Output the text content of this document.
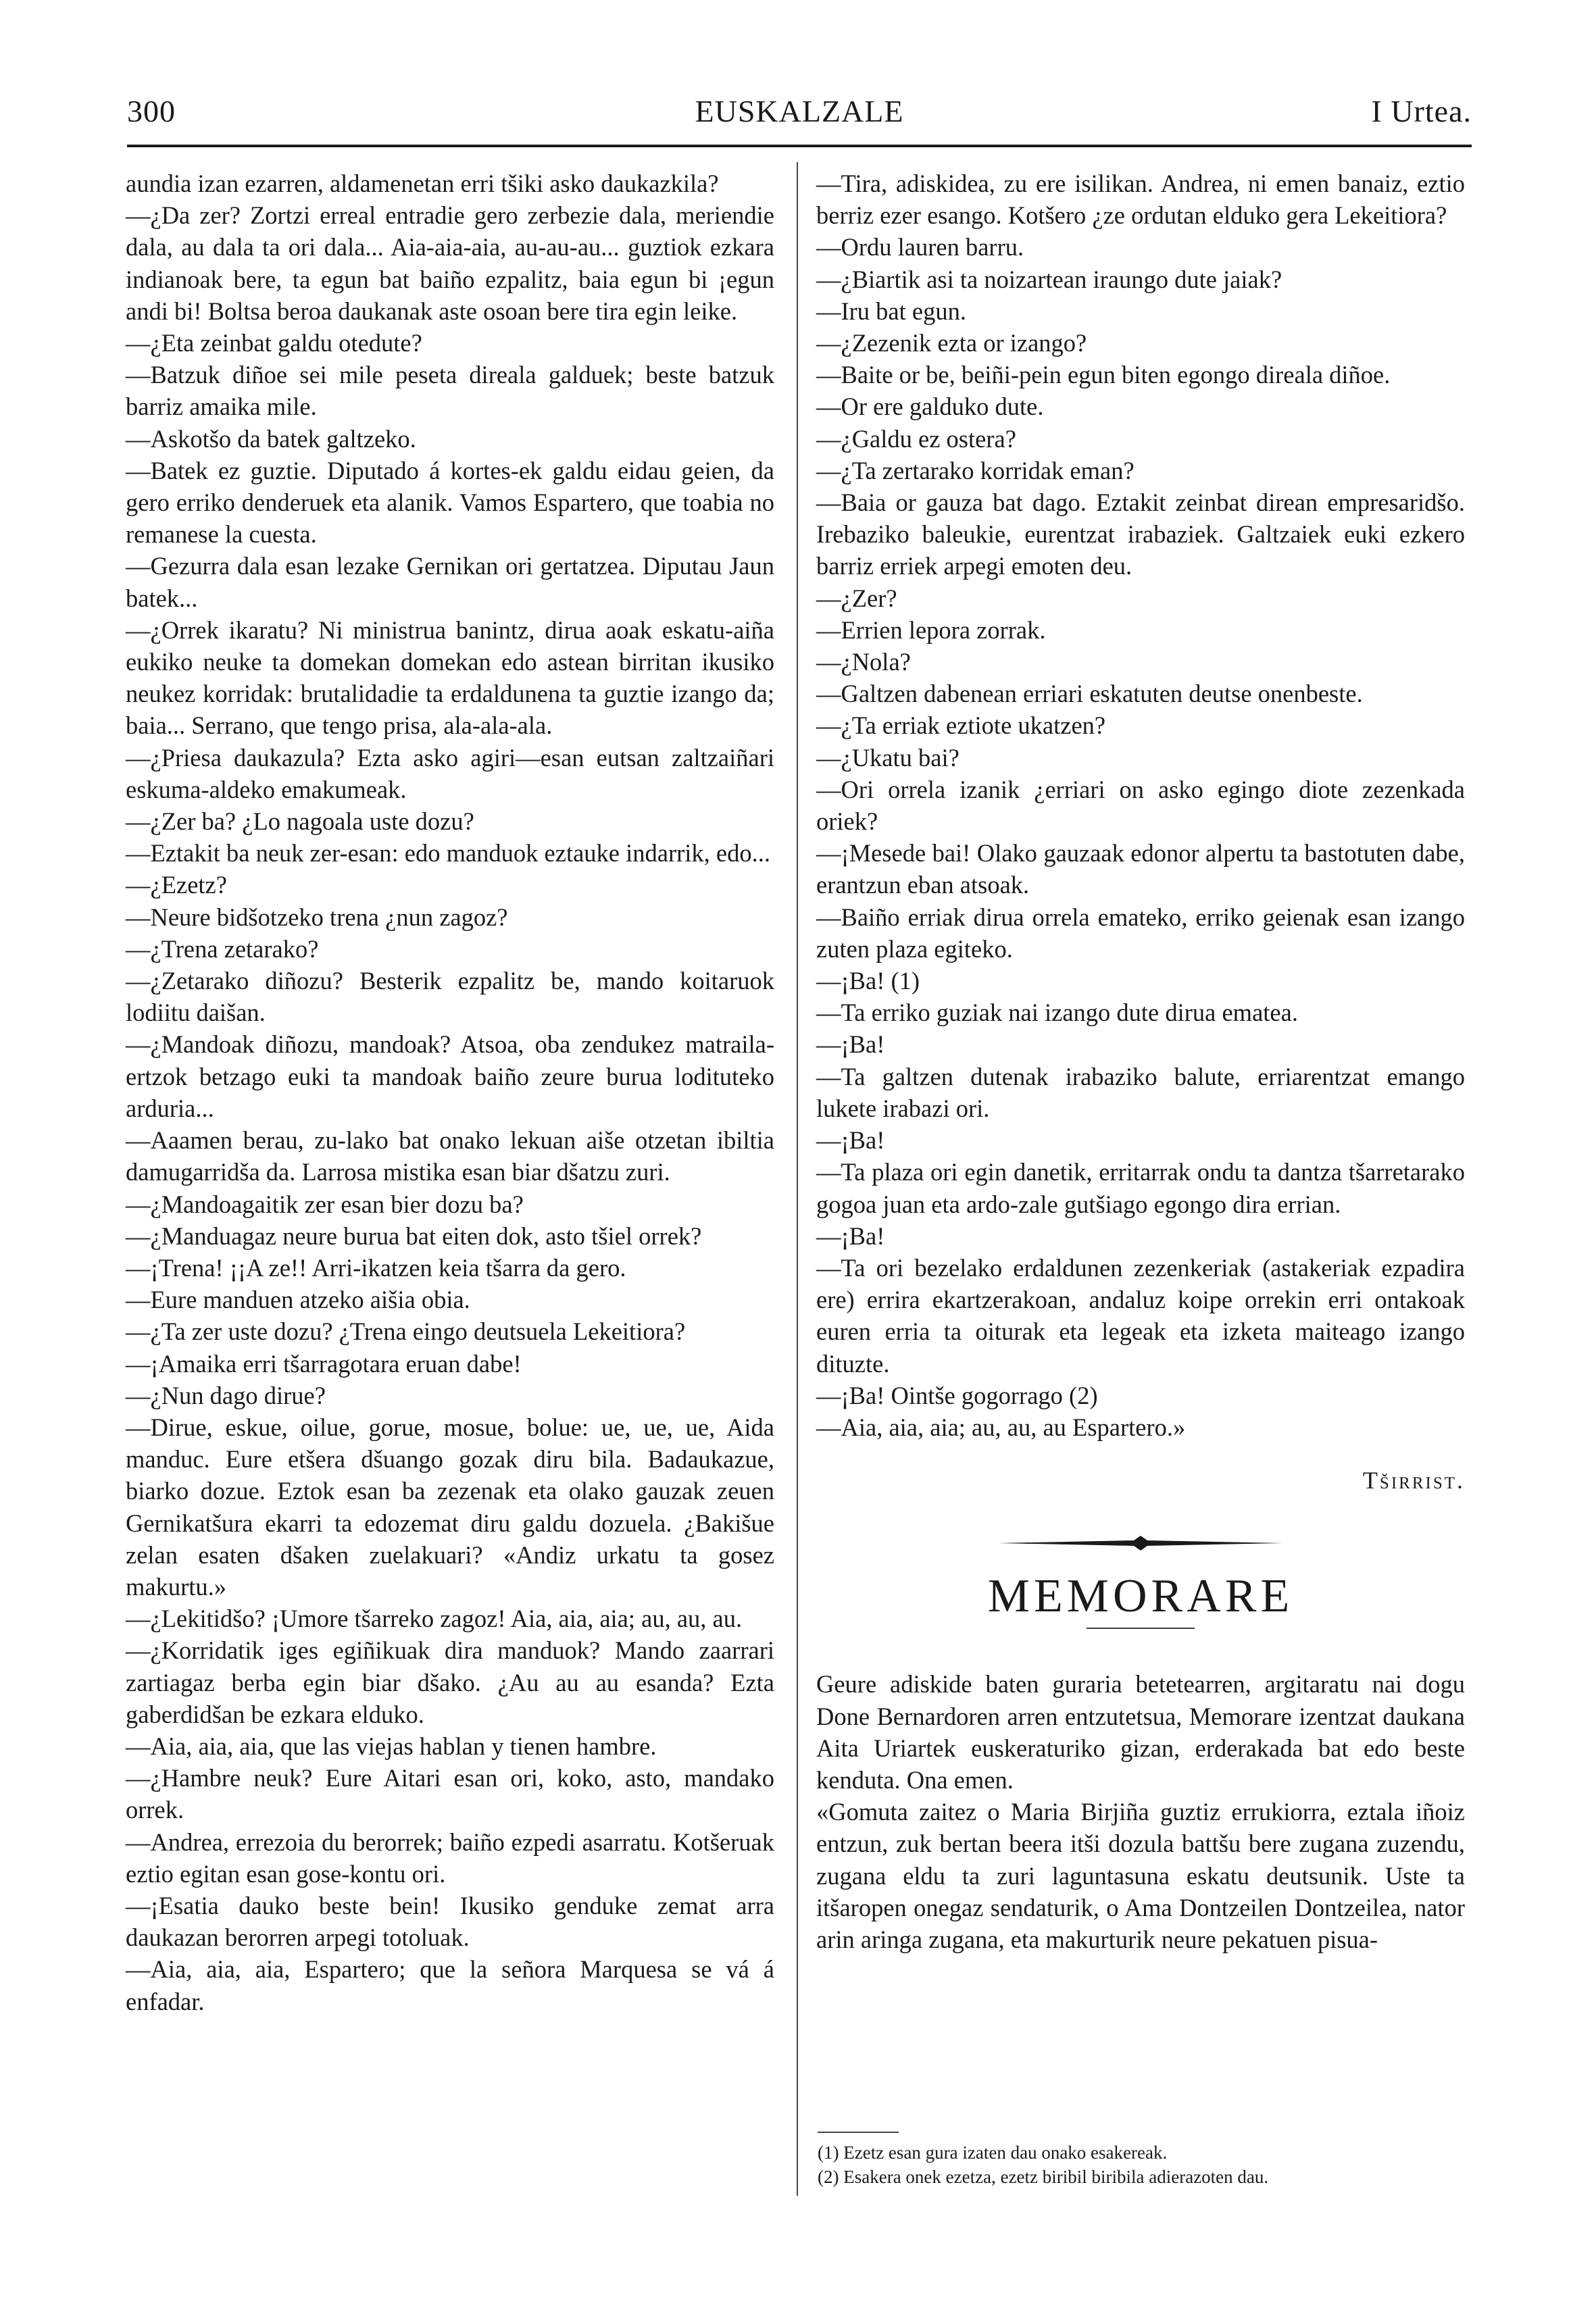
EUSKALZALE
300	I Urtea.

aundia izan ezarren, aldamenetan erri tšiki asko daukazkila?

—¿Da zer? Zortzi erreal entradie gero zerbezie dala, meriendie dala, au dala ta ori dala... Aia-aia-aia, au-au-au... guztiok ezkara indianoak bere, ta egun bat baiño ezpalitz, baia egun bi ¡egun andi bi! Boltsa beroa daukanak aste osoan bere tira egin leike.

—¿Eta zeinbat galdu otedute?

—Batzuk diñoe sei mile peseta direala galduek; beste batzuk barriz amaika mile.

—Askotšo da batek galtzeko.

—Batek ez guztie. Diputado á kortes-ek galdu eidau geien, da gero erriko denderuek eta alanik. Vamos Espartero, que toabia no remanese la cuesta.

—Gezurra dala esan lezake Gernikan ori gertatzea. Diputau Jaun batek...

—¿Orrek ikaratu? Ni ministrua banintz, dirua aoak eskatu-aiña eukiko neuke ta domekan domekan edo astean birritan ikusiko neukez korridak: brutalidadie ta erdaldunena ta guztie izango da; baia... Serrano, que tengo prisa, ala-ala-ala.

—¿Priesa daukazula? Ezta asko agiri—esan eutsan zaltzaiñari eskuma-aldeko emakumeak.

—¿Zer ba? ¿Lo nagoala uste dozu?

—Eztakit ba neuk zer-esan: edo manduok eztauke indarrik, edo...

—¿Ezetz?

—Neure bidšotzeko trena ¿nun zagoz?

—¿Trena zetarako?

—¿Zetarako diñozu? Besterik ezpalitz be, mando koitaruok lodiitu daišan.

—¿Mandoak diñozu, mandoak? Atsoa, oba zendukez matraila-ertzok betzago euki ta mandoak baiño zeure burua lodituteko arduria...

—Aaamen berau, zu-lako bat onako lekuan aiše otzetan ibiltia damugarridša da. Larrosa mistika esan biar dšatzu zuri.

—¿Mandoagaitik zer esan bier dozu ba?

—¿Manduagaz neure burua bat eiten dok, asto tšiel orrek?

—¡Trena! ¡¡A ze!! Arri-ikatzen keia tšarra da gero.

—Eure manduen atzeko aišia obia.

—¿Ta zer uste dozu? ¿Trena eingo deutsuela Lekeitiora?

—¡Amaika erri tšarragotara eruan dabe!

—¿Nun dago dirue?

—Dirue, eskue, oilue, gorue, mosue, bolue: ue, ue, ue, Aida manduc. Eure etšera dšuango gozak diru bila. Badaukazue, biarko dozue. Eztok esan ba zezenak eta olako gauzak zeuen Gernikatšura ekarri ta edozemat diru galdu dozuela. ¿Bakišue zelan esaten dšaken zuelakuari? «Andiz urkatu ta gosez makurtu.»

—¿Lekitidšo? ¡Umore tšarreko zagoz! Aia, aia, aia; au, au, au.

—¿Korridatik iges egiñikuak dira manduok? Mando zaarrari zartiagaz berba egin biar dšako. ¿Au au au esanda? Ezta gaberdidšan be ezkara elduko.

—Aia, aia, aia, que las viejas hablan y tienen hambre.

—¿Hambre neuk? Eure Aitari esan ori, koko, asto, mandako orrek.

—Andrea, errezoia du berorrek; baiño ezpedi asarratu. Kotšeruak eztio egitan esan gose-kontu ori.

—¡Esatia dauko beste bein! Ikusiko genduke zemat arra daukazan berorren arpegi totoluak.

—Aia, aia, aia, Espartero; que la señora Marquesa se vá á enfadar.

—Tira, adiskidea, zu ere isilikan. Andrea, ni emen banaiz, eztio berriz ezer esango. Kotšero ¿ze ordutan elduko gera Lekeitiora?

—Ordu lauren barru.

—¿Biartik asi ta noizartean iraungo dute jaiak?

—Iru bat egun.

—¿Zezenik ezta or izango?

—Baite or be, beiñi-pein egun biten egongo direala diñoe.

—Or ere galduko dute.

—¿Galdu ez ostera?

—¿Ta zertarako korridak eman?

—Baia or gauza bat dago. Eztakit zeinbat direan empresaridšo. Irebaziko baleukie, eurentzat irabaziek. Galtzaiek euki ezkero barriz erriek arpegi emoten deu.

—¿Zer?

—Errien lepora zorrak.

—¿Nola?

—Galtzen dabenean erriari eskatuten deutse onenbeste.

—¿Ta erriak eztiote ukatzen?

—¿Ukatu bai?

—Ori orrela izanik ¿erriari on asko egingo diote zezenkada oriek?

—¡Mesede bai! Olako gauzaak edonor alpertu ta bastotuten dabe, erantzun eban atsoak.

—Baiño erriak dirua orrela emateko, erriko geienak esan izango zuten plaza egiteko.

—¡Ba! (1)

—Ta erriko guziak nai izango dute dirua ematea.

—¡Ba!

—Ta galtzen dutenak irabaziko balute, erriarentzat emango lukete irabazi ori.

—¡Ba!

—Ta plaza ori egin danetik, erritarrak ondu ta dantza tšarretarako gogoa juan eta ardo-zale gutšiago egongo dira errian.

—¡Ba!

—Ta ori bezelako erdaldunen zezenkeriak (astakeriak ezpadira ere) errira ekartzerakoan, andaluz koipe orrekin erri ontakoak euren erria ta oiturak eta legeak eta izketa maiteago izango dituzte.

—¡Ba! Ointše gogorrago (2)

—Aia, aia, aia; au, au, au Espartero.»

Tširrist.

MEMORARE

Geure adiskide baten guraria betetearren, argitaratu nai dogu Done Bernardoren arren entzutetsua, Memorare izentzat daukana Aita Uriartek euskeraturiko gizan, erderakada bat edo beste kenduta. Ona emen.

«Gomuta zaitez o Maria Birjiña guztiz errukiorra, eztala iñoiz entzun, zuk bertan beera itši dozula battšu bere zugana zuzendu, zugana eldu ta zuri laguntasuna eskatu deutsunik. Uste ta itšaropen onegaz sendaturik, o Ama Dontzeilen Dontzeilea, nator arin aringa zugana, eta makurturik neure pekatuen pisua-

(1) Ezetz esan gura izaten dau onako esakereak.

(2) Esakera onek ezetza, ezetz biribil biribila adierazoten dau.
